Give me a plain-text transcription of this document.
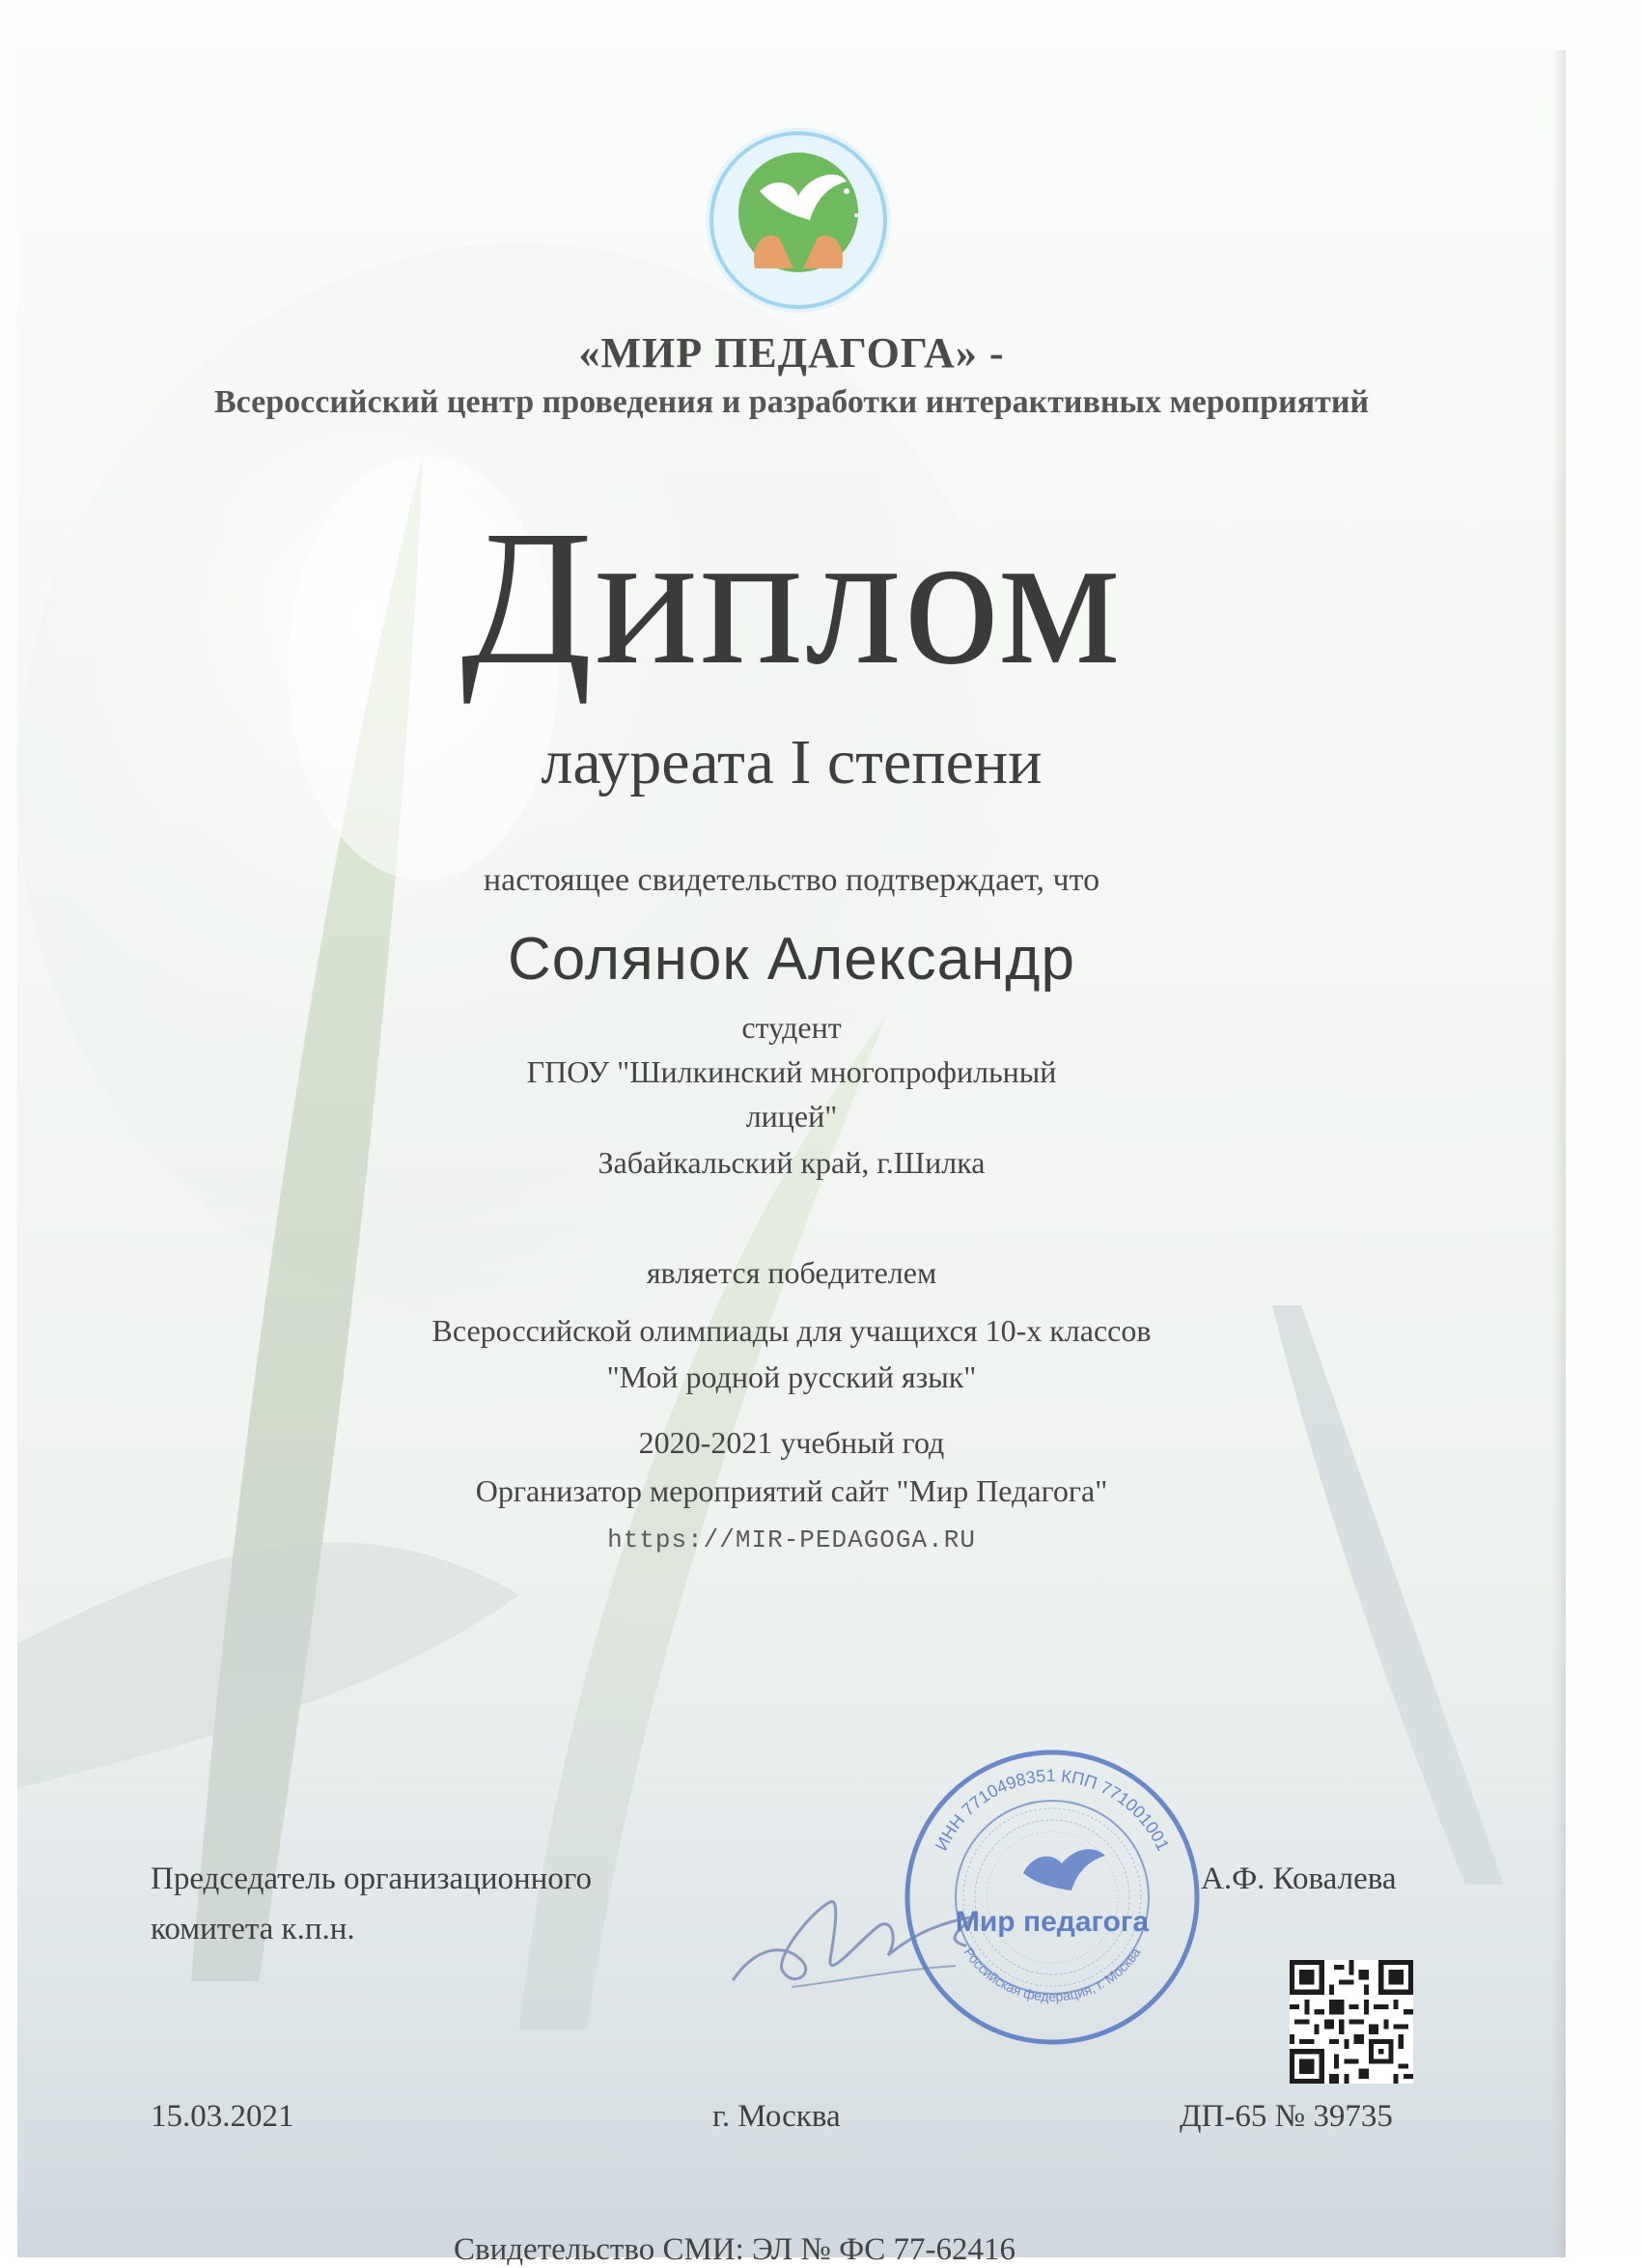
«МИР ПЕДАГОГА» -
Всероссийский центр проведения и разработки интерактивных мероприятий
Диплом
лауреата I степени
настоящее свидетельство подтверждает, что
Солянок Александр
студент
ГПОУ "Шилкинский многопрофильный
лицей"
Забайкальский край, г.Шилка
является победителем
Всероссийской олимпиады для учащихся 10-х классов
"Мой родной русский язык"
2020-2021 учебный год
Организатор мероприятий сайт "Мир Педагога"
https://MIR-PEDAGOGA.RU
Председатель организационного
комитета к.п.н.
А.Ф. Ковалева
ИНН 7710498351 КПП 771001001
Мир педагога
Российская федерация, г. Москва
15.03.2021	г. Москва	ДП-65 № 39735
Свидетельство СМИ: ЭЛ № ФС 77-62416
